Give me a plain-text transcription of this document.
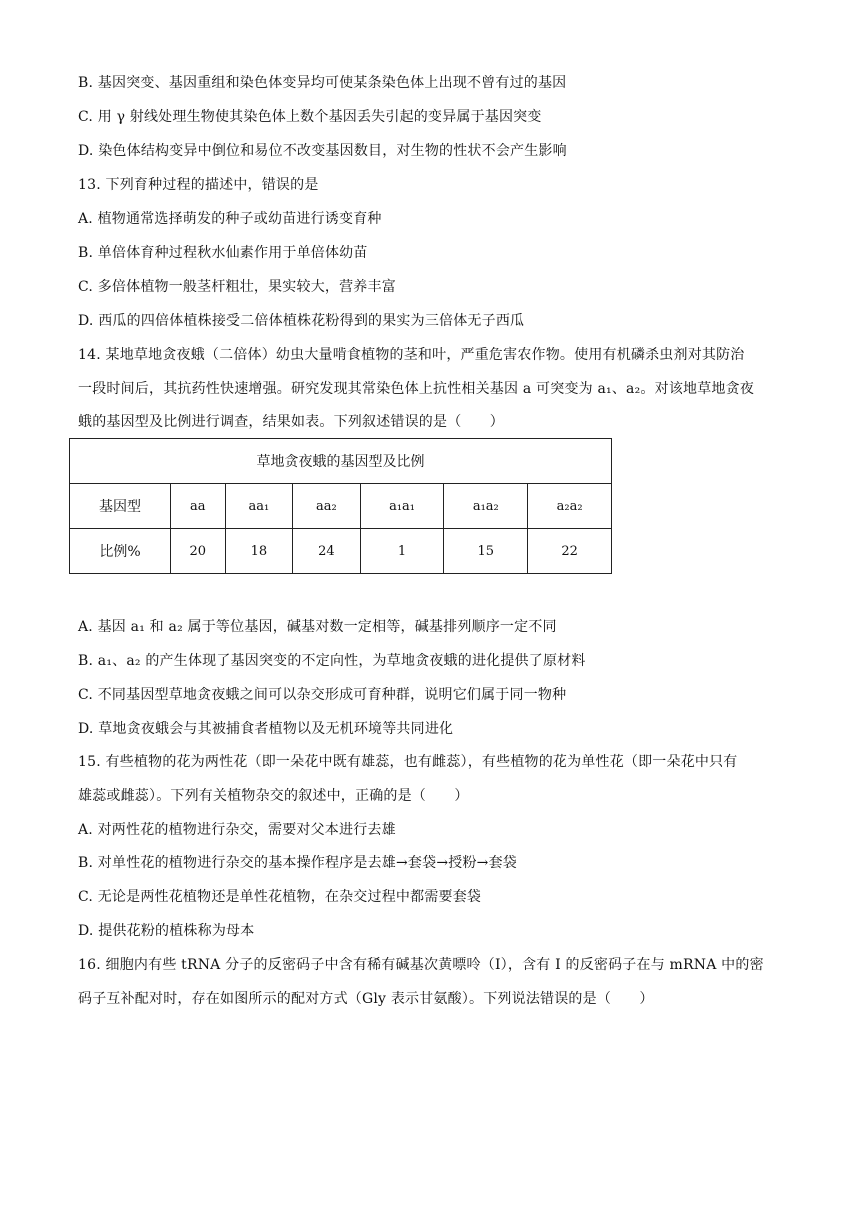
B. 基因突变、基因重组和染色体变异均可使某条染色体上出现不曾有过的基因
C. 用 γ 射线处理生物使其染色体上数个基因丢失引起的变异属于基因突变
D. 染色体结构变异中倒位和易位不改变基因数目，对生物的性状不会产生影响
13. 下列育种过程的描述中，错误的是
A. 植物通常选择萌发的种子或幼苗进行诱变育种
B. 单倍体育种过程秋水仙素作用于单倍体幼苗
C. 多倍体植物一般茎杆粗壮，果实较大，营养丰富
D. 西瓜的四倍体植株接受二倍体植株花粉得到的果实为三倍体无子西瓜
14. 某地草地贪夜蛾（二倍体）幼虫大量啃食植物的茎和叶，严重危害农作物。使用有机磷杀虫剂对其防治
一段时间后，其抗药性快速增强。研究发现其常染色体上抗性相关基因 a 可突变为 a₁、a₂。对该地草地贪夜
蛾的基因型及比例进行调查，结果如表。下列叙述错误的是（　　）
草地贪夜蛾的基因型及比例						
基因型	aa	aa₁	aa₂	a₁a₁	a₁a₂	a₂a₂
比例%	20	18	24	1	15	22
A. 基因 a₁ 和 a₂ 属于等位基因，碱基对数一定相等，碱基排列顺序一定不同
B. a₁、a₂ 的产生体现了基因突变的不定向性，为草地贪夜蛾的进化提供了原材料
C. 不同基因型草地贪夜蛾之间可以杂交形成可育种群，说明它们属于同一物种
D. 草地贪夜蛾会与其被捕食者植物以及无机环境等共同进化
15. 有些植物的花为两性花（即一朵花中既有雄蕊，也有雌蕊），有些植物的花为单性花（即一朵花中只有
雄蕊或雌蕊）。下列有关植物杂交的叙述中，正确的是（　　）
A. 对两性花的植物进行杂交，需要对父本进行去雄
B. 对单性花的植物进行杂交的基本操作程序是去雄→套袋→授粉→套袋
C. 无论是两性花植物还是单性花植物，在杂交过程中都需要套袋
D. 提供花粉的植株称为母本
16. 细胞内有些 tRNA 分子的反密码子中含有稀有碱基次黄嘌呤（I），含有 I 的反密码子在与 mRNA 中的密
码子互补配对时，存在如图所示的配对方式（Gly 表示甘氨酸）。下列说法错误的是（　　）
